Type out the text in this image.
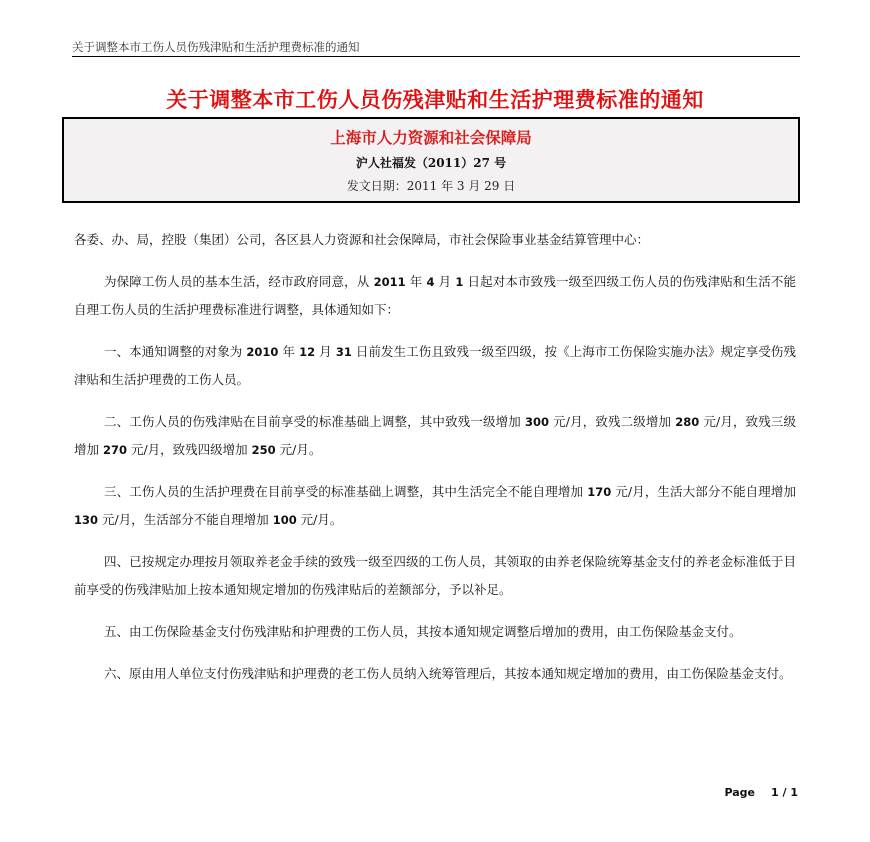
关于调整本市工伤人员伤残津贴和生活护理费标准的通知
关于调整本市工伤人员伤残津贴和生活护理费标准的通知
上海市人力资源和社会保障局
沪人社福发（2011）27 号
发文日期：2011 年 3 月 29 日

各委、办、局，控股（集团）公司，各区县人力资源和社会保障局，市社会保险事业基金结算管理中心：

为保障工伤人员的基本生活，经市政府同意，从 2011 年 4 月 1 日起对本市致残一级至四级工伤人员的伤残津贴和生活不能自理工伤人员的生活护理费标准进行调整，具体通知如下：

一、本通知调整的对象为 2010 年 12 月 31 日前发生工伤且致残一级至四级，按《上海市工伤保险实施办法》规定享受伤残津贴和生活护理费的工伤人员。

二、工伤人员的伤残津贴在目前享受的标准基础上调整，其中致残一级增加 300 元/月，致残二级增加 280 元/月，致残三级增加 270 元/月，致残四级增加 250 元/月。

三、工伤人员的生活护理费在目前享受的标准基础上调整，其中生活完全不能自理增加 170 元/月，生活大部分不能自理增加 130 元/月，生活部分不能自理增加 100 元/月。

四、已按规定办理按月领取养老金手续的致残一级至四级的工伤人员，其领取的由养老保险统筹基金支付的养老金标准低于目前享受的伤残津贴加上按本通知规定增加的伤残津贴后的差额部分，予以补足。

五、由工伤保险基金支付伤残津贴和护理费的工伤人员，其按本通知规定调整后增加的费用，由工伤保险基金支付。

六、原由用人单位支付伤残津贴和护理费的老工伤人员纳入统筹管理后，其按本通知规定增加的费用，由工伤保险基金支付。

Page 1 / 1
